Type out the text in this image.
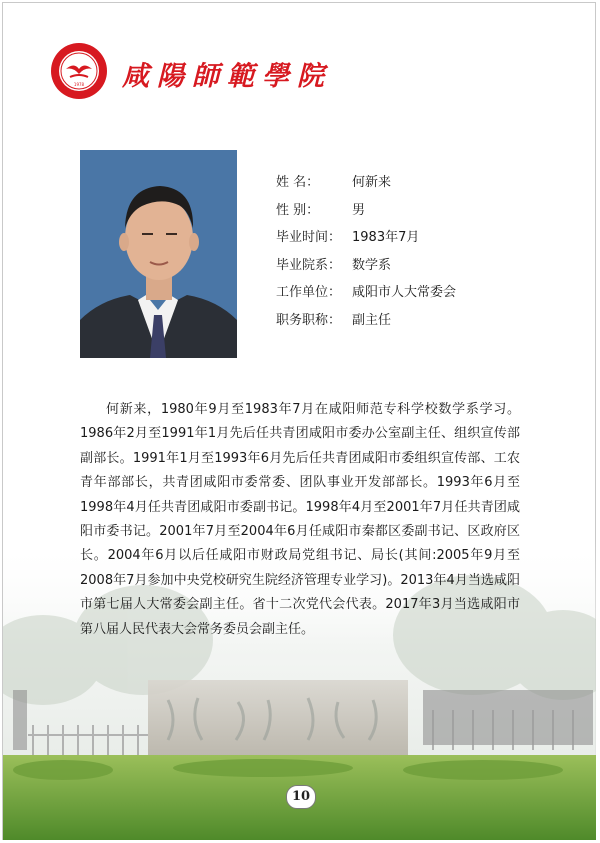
1978 咸陽師範學院
姓 名：	何新来
性 别：	男
毕业时间： 1983年7月
毕业院系： 数学系
工作单位： 咸阳市人大常委会
职务职称： 副主任

何新来，1980年9月至1983年7月在咸阳师范专科学校数学系学习。1986年2月至1991年1月先后任共青团咸阳市委办公室副主任、组织宣传部副部长。1991年1月至1993年6月先后任共青团咸阳市委组织宣传部、工农青年部部长，共青团咸阳市委常委、团队事业开发部部长。1993年6月至1998年4月任共青团咸阳市委副书记。1998年4月至2001年7月任共青团咸阳市委书记。2001年7月至2004年6月任咸阳市秦都区委副书记、区政府区长。2004年6月以后任咸阳市财政局党组书记、局长(其间:2005年9月至2008年7月参加中央党校研究生院经济管理专业学习)。2013年4月当选咸阳市第七届人大常委会副主任。省十二次党代会代表。2017年3月当选咸阳市第八届人民代表大会常务委员会副主任。

10
